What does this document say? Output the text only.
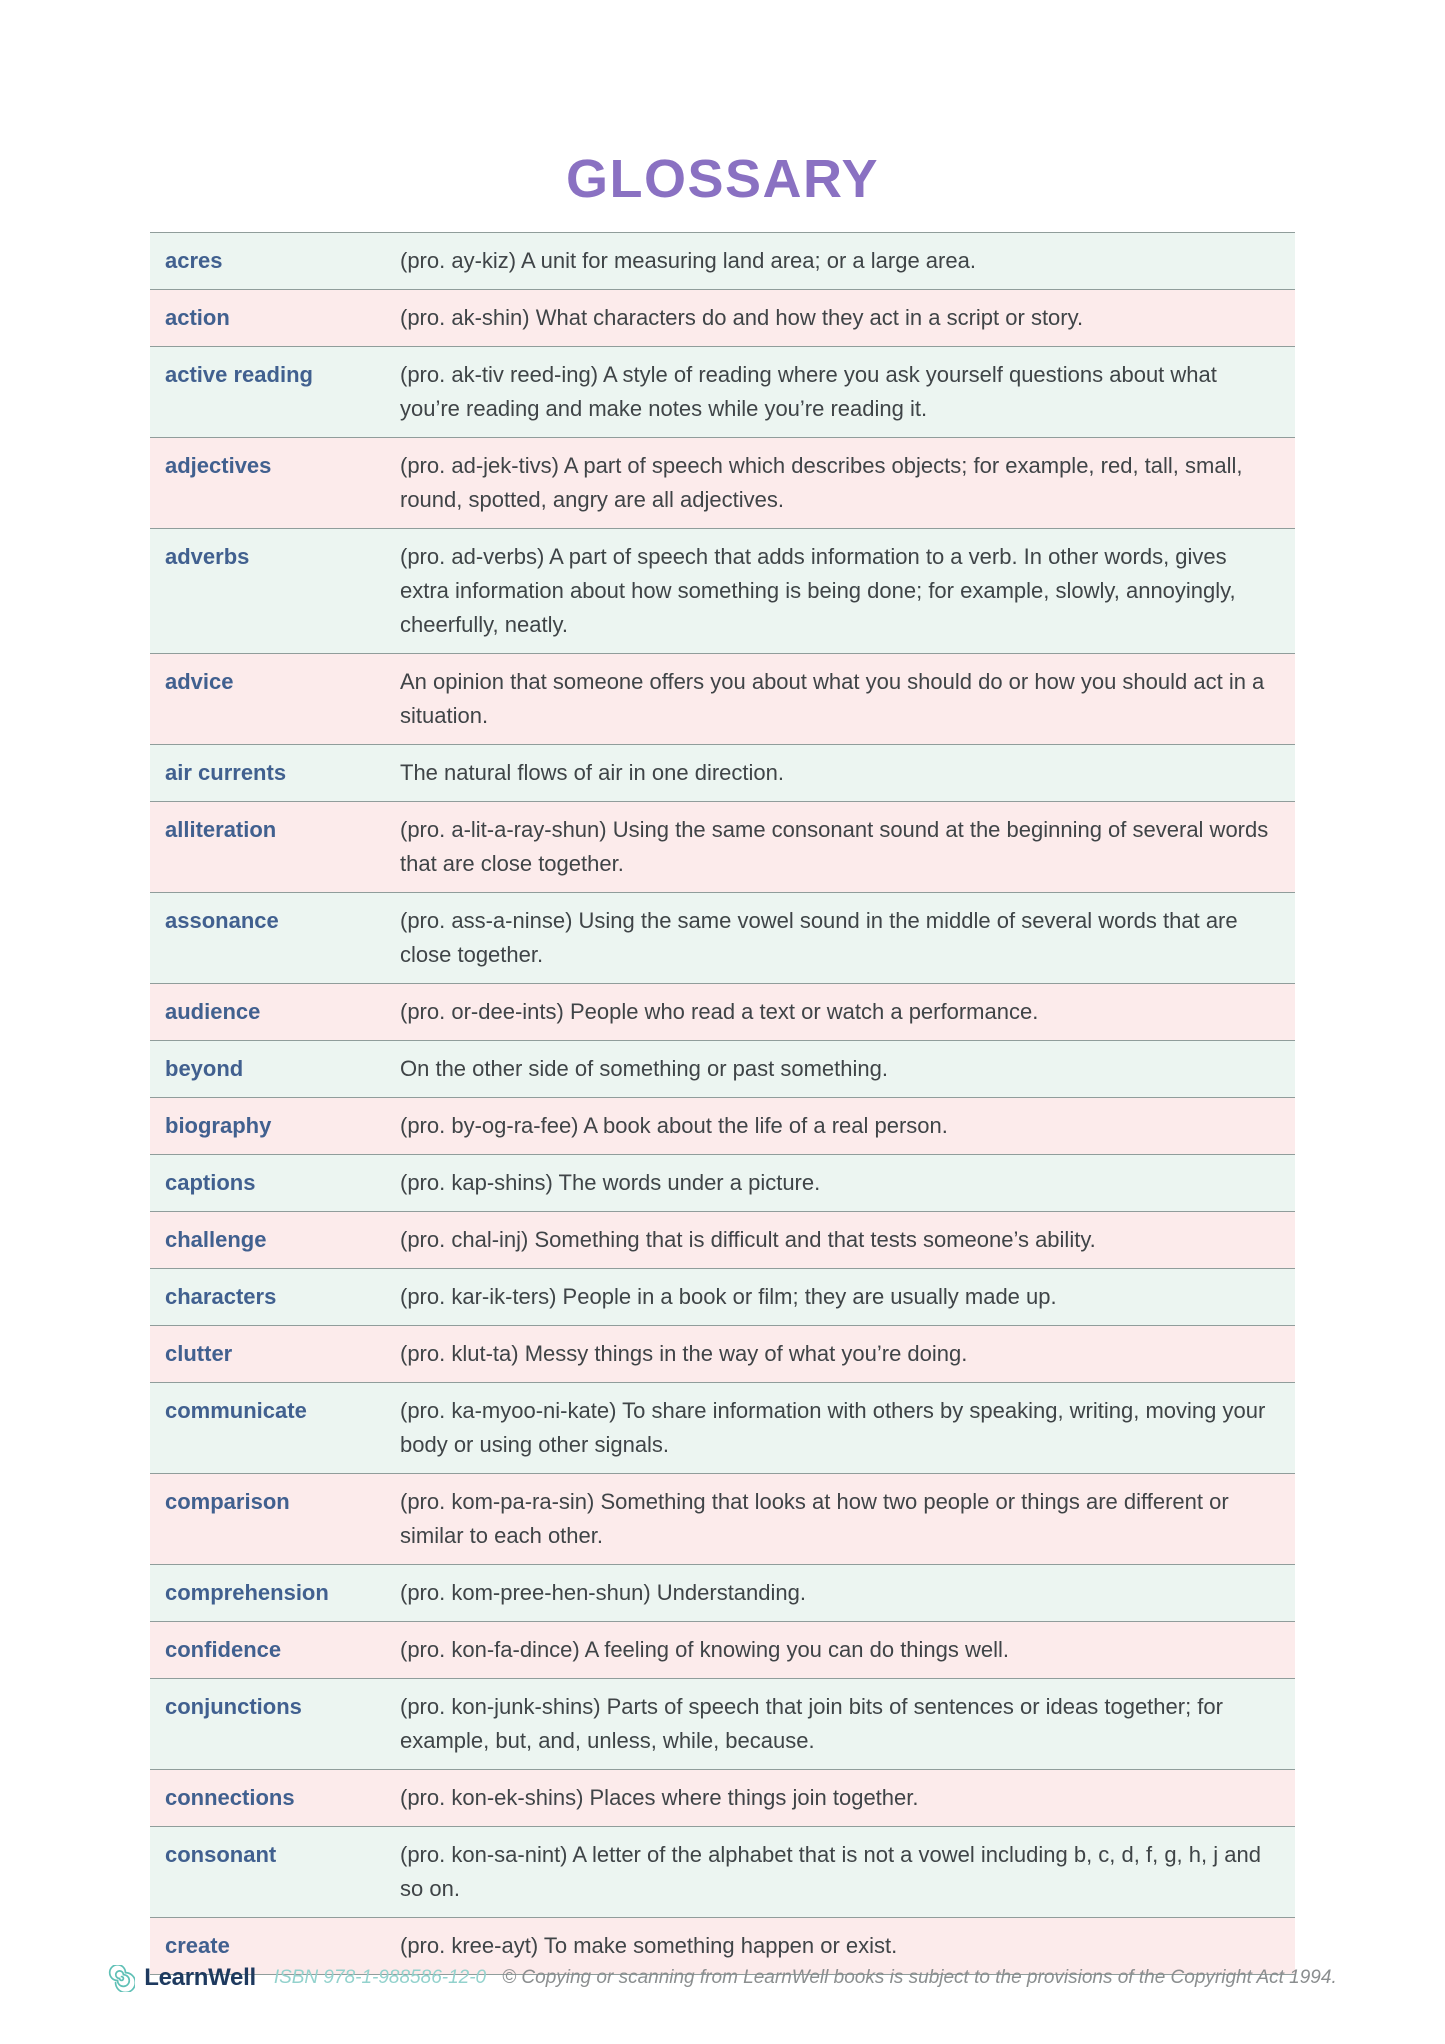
GLOSSARY
acres	(pro. ay-kiz) A unit for measuring land area; or a large area.
action	(pro. ak-shin) What characters do and how they act in a script or story.
active reading	(pro. ak-tiv reed-ing) A style of reading where you ask yourself questions about what you’re reading and make notes while you’re reading it.
adjectives	(pro. ad-jek-tivs) A part of speech which describes objects; for example, red, tall, small, round, spotted, angry are all adjectives.
adverbs	(pro. ad-verbs) A part of speech that adds information to a verb. In other words, gives extra information about how something is being done; for example, slowly, annoyingly, cheerfully, neatly.
advice	An opinion that someone offers you about what you should do or how you should act in a situation.
air currents	The natural flows of air in one direction.
alliteration	(pro. a-lit-a-ray-shun) Using the same consonant sound at the beginning of several words that are close together.
assonance	(pro. ass-a-ninse) Using the same vowel sound in the middle of several words that are close together.
audience	(pro. or-dee-ints) People who read a text or watch a performance.
beyond	On the other side of something or past something.
biography	(pro. by-og-ra-fee) A book about the life of a real person.
captions	(pro. kap-shins) The words under a picture.
challenge	(pro. chal-inj) Something that is difficult and that tests someone’s ability.
characters	(pro. kar-ik-ters) People in a book or film; they are usually made up.
clutter	(pro. klut-ta) Messy things in the way of what you’re doing.
communicate	(pro. ka-myoo-ni-kate) To share information with others by speaking, writing, moving your body or using other signals.
comparison	(pro. kom-pa-ra-sin) Something that looks at how two people or things are different or similar to each other.
comprehension	(pro. kom-pree-hen-shun) Understanding.
confidence	(pro. kon-fa-dince) A feeling of knowing you can do things well.
conjunctions	(pro. kon-junk-shins) Parts of speech that join bits of sentences or ideas together; for example, but, and, unless, while, because.
connections	(pro. kon-ek-shins) Places where things join together.
consonant	(pro. kon-sa-nint) A letter of the alphabet that is not a vowel including b, c, d, f, g, h, j and so on.
create	(pro. kree-ayt) To make something happen or exist.
LearnWell ISBN 978-1-988586-12-0 © Copying or scanning from LearnWell books is subject to the provisions of the Copyright Act 1994.
